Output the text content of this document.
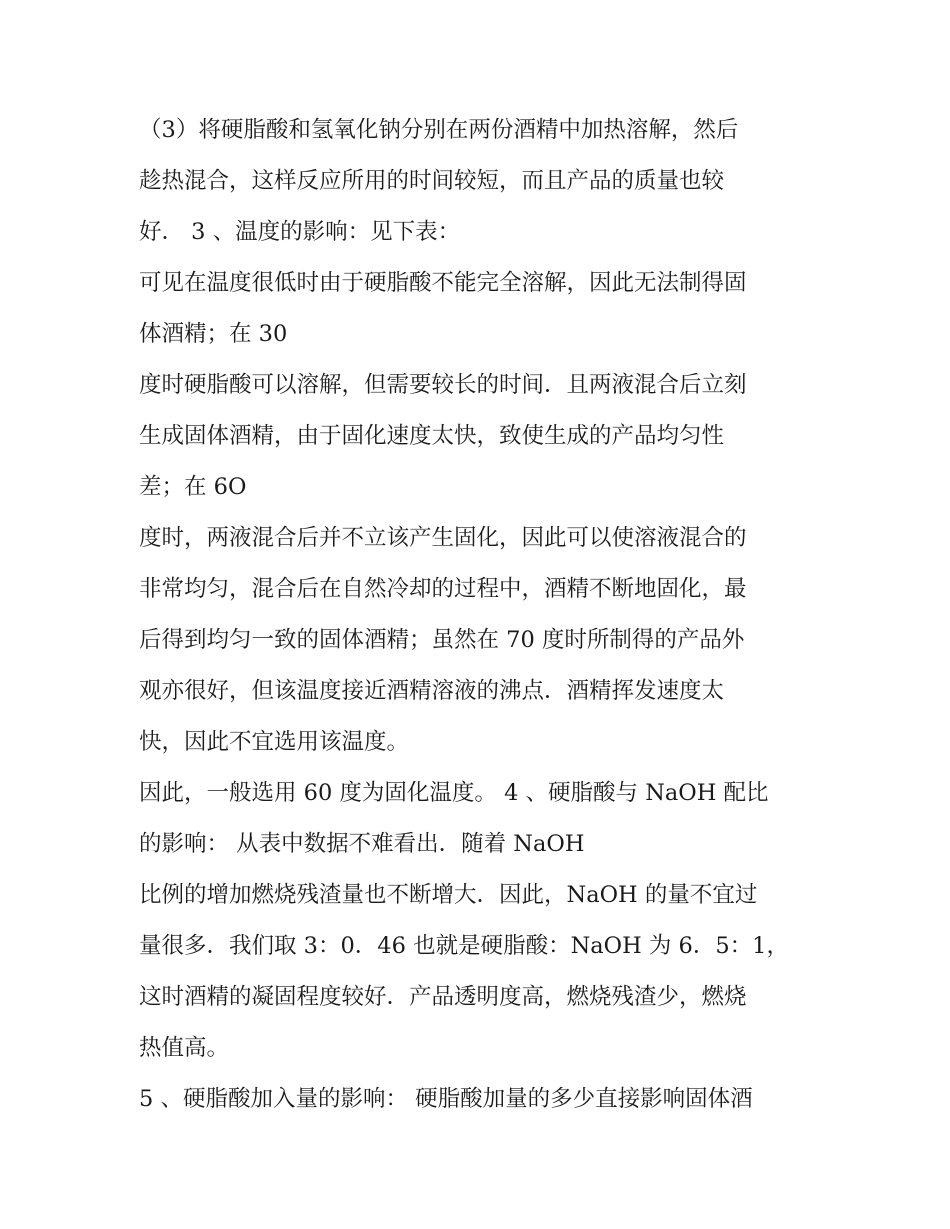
（3）将硬脂酸和氢氧化钠分别在两份酒精中加热溶解，然后
趁热混合，这样反应所用的时间较短，而且产品的质量也较
好． 3 、温度的影响：见下表：
可见在温度很低时由于硬脂酸不能完全溶解，因此无法制得固
体酒精；在 30
度时硬脂酸可以溶解，但需要较长的时间．且两液混合后立刻
生成固体酒精，由于固化速度太快，致使生成的产品均匀性
差；在 6O
度时，两液混合后并不立该产生固化，因此可以使溶液混合的
非常均匀，混合后在自然冷却的过程中，酒精不断地固化，最
后得到均匀一致的固体酒精；虽然在 70 度时所制得的产品外
观亦很好，但该温度接近酒精溶液的沸点．酒精挥发速度太
快，因此不宜选用该温度。
因此，一般选用 60 度为固化温度。 4 、硬脂酸与 NaOH 配比
的影响： 从表中数据不难看出．随着 NaOH
比例的增加燃烧残渣量也不断增大．因此，NaOH 的量不宜过
量很多．我们取 3：0．46 也就是硬脂酸：NaOH 为 6．5：1，
这时酒精的凝固程度较好．产品透明度高，燃烧残渣少，燃烧
热值高。
5 、硬脂酸加入量的影响： 硬脂酸加量的多少直接影响固体酒
